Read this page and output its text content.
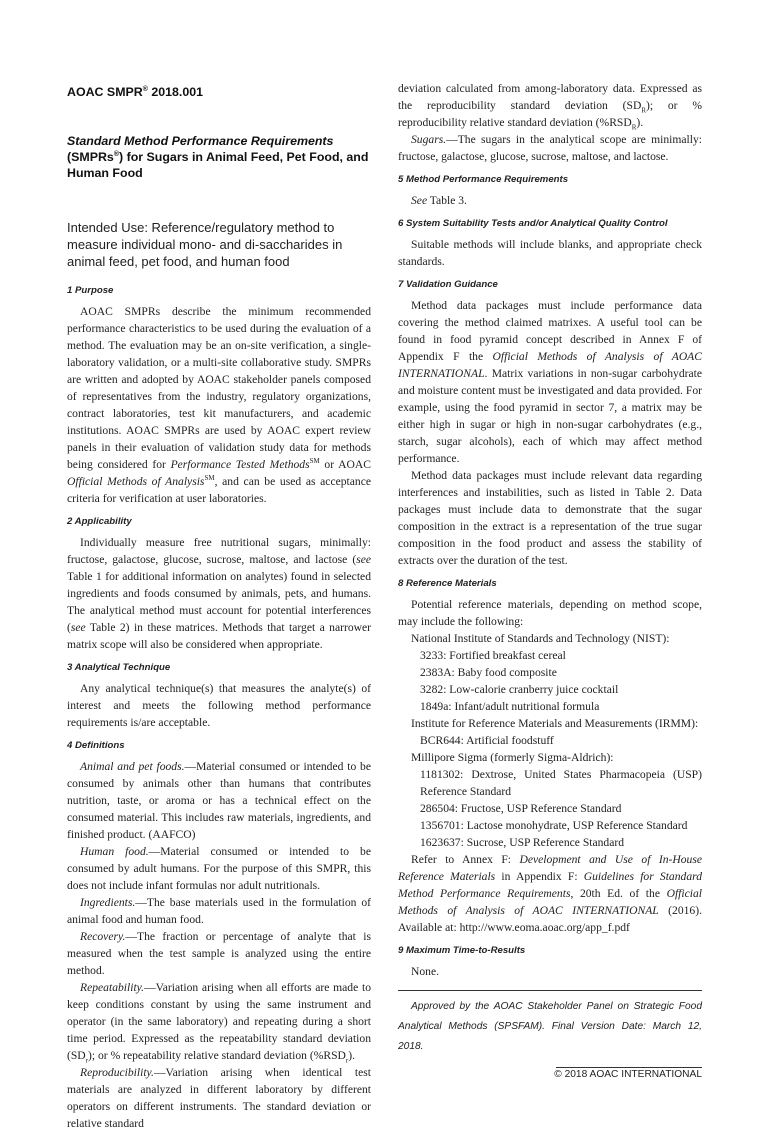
AOAC SMPR® 2018.001
Standard Method Performance Requirements
(SMPRs®) for Sugars in Animal Feed, Pet Food, and Human Food
Intended Use: Reference/regulatory method to measure individual mono- and di-saccharides in animal feed, pet food, and human food
1 Purpose
AOAC SMPRs describe the minimum recommended performance characteristics to be used during the evaluation of a method. The evaluation may be an on-site verification, a single-laboratory validation, or a multi-site collaborative study. SMPRs are written and adopted by AOAC stakeholder panels composed of representatives from the industry, regulatory organizations, contract laboratories, test kit manufacturers, and academic institutions. AOAC SMPRs are used by AOAC expert review panels in their evaluation of validation study data for methods being considered for Performance Tested Methods℠ or AOAC Official Methods of Analysis℠, and can be used as acceptance criteria for verification at user laboratories.
2 Applicability
Individually measure free nutritional sugars, minimally: fructose, galactose, glucose, sucrose, maltose, and lactose (see Table 1 for additional information on analytes) found in selected ingredients and foods consumed by animals, pets, and humans. The analytical method must account for potential interferences (see Table 2) in these matrices. Methods that target a narrower matrix scope will also be considered when appropriate.
3 Analytical Technique
Any analytical technique(s) that measures the analyte(s) of interest and meets the following method performance requirements is/are acceptable.
4 Definitions
Animal and pet foods.—Material consumed or intended to be consumed by animals other than humans that contributes nutrition, taste, or aroma or has a technical effect on the consumed material. This includes raw materials, ingredients, and finished product. (AAFCO)
Human food.—Material consumed or intended to be consumed by adult humans. For the purpose of this SMPR, this does not include infant formulas nor adult nutritionals.
Ingredients.—The base materials used in the formulation of animal food and human food.
Recovery.—The fraction or percentage of analyte that is measured when the test sample is analyzed using the entire method.
Repeatability.—Variation arising when all efforts are made to keep conditions constant by using the same instrument and operator (in the same laboratory) and repeating during a short time period. Expressed as the repeatability standard deviation $(SD_r)$; or % repeatability relative standard deviation $(\%RSD_r)$.
Reproducibility.—Variation arising when identical test materials are analyzed in different laboratory by different operators on different instruments. The standard deviation or relative standard
deviation calculated from among-laboratory data. Expressed as the reproducibility standard deviation $(SD_R)$; or % reproducibility relative standard deviation $(\%RSD_R)$.
Sugars.—The sugars in the analytical scope are minimally: fructose, galactose, glucose, sucrose, maltose, and lactose.
5 Method Performance Requirements
See Table 3.
6 System Suitability Tests and/or Analytical Quality Control
Suitable methods will include blanks, and appropriate check standards.
7 Validation Guidance
Method data packages must include performance data covering the method claimed matrixes. A useful tool can be found in food pyramid concept described in Annex F of Appendix F the Official Methods of Analysis of AOAC INTERNATIONAL. Matrix variations in non-sugar carbohydrate and moisture content must be investigated and data provided. For example, using the food pyramid in sector 7, a matrix may be either high in sugar or high in non-sugar carbohydrates (e.g., starch, sugar alcohols), each of which may affect method performance.
Method data packages must include relevant data regarding interferences and instabilities, such as listed in Table 2. Data packages must include data to demonstrate that the sugar composition in the extract is a representation of the true sugar composition in the food product and assess the stability of extracts over the duration of the test.
8 Reference Materials
Potential reference materials, depending on method scope, may include the following:
National Institute of Standards and Technology (NIST):
3233: Fortified breakfast cereal
2383A: Baby food composite
3282: Low-calorie cranberry juice cocktail
1849a: Infant/adult nutritional formula
Institute for Reference Materials and Measurements (IRMM):
BCR644: Artificial foodstuff
Millipore Sigma (formerly Sigma-Aldrich):
1181302: Dextrose, United States Pharmacopeia (USP) Reference Standard
286504: Fructose, USP Reference Standard
1356701: Lactose monohydrate, USP Reference Standard
1623637: Sucrose, USP Reference Standard
Refer to Annex F: Development and Use of In-House Reference Materials in Appendix F: Guidelines for Standard Method Performance Requirements, 20th Ed. of the Official Methods of Analysis of AOAC INTERNATIONAL (2016). Available at: http://www.eoma.aoac.org/app_f.pdf
9 Maximum Time-to-Results
None.
Approved by the AOAC Stakeholder Panel on Strategic Food Analytical Methods (SPSFAM). Final Version Date: March 12, 2018.
© 2018 AOAC INTERNATIONAL
